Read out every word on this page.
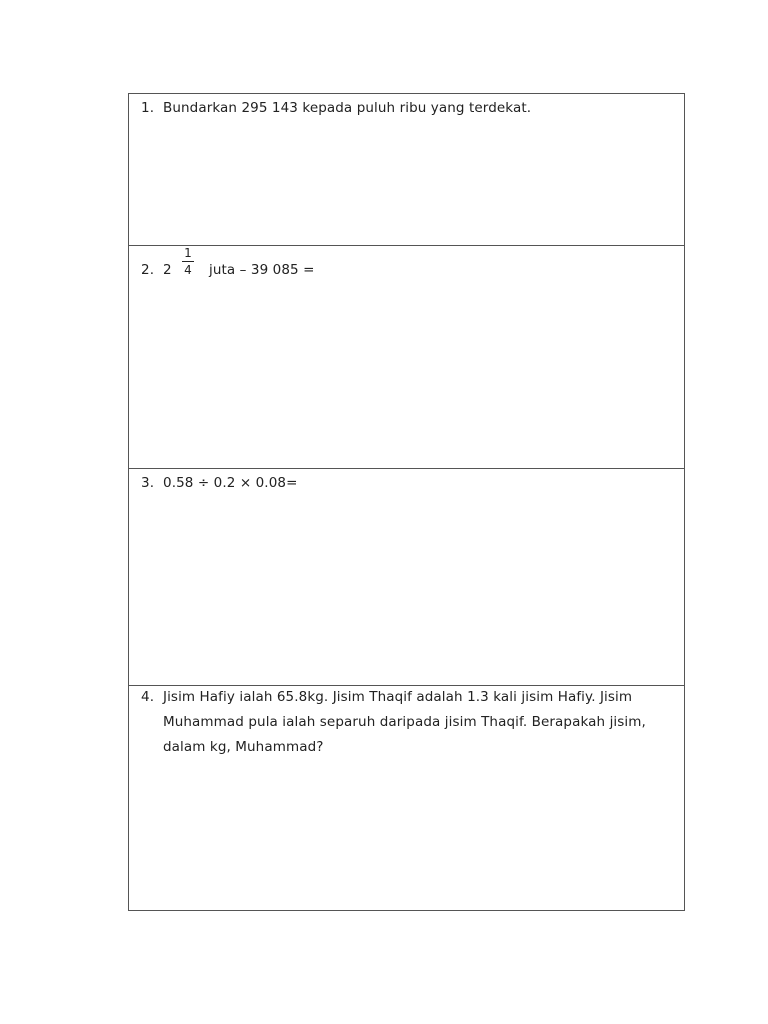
1. Bundarkan 295 143 kepada puluh ribu yang terdekat.
2. 2
1
4 juta – 39 085 =
3. 0.58 ÷ 0.2 × 0.08=
4. Jisim Hafiy ialah 65.8kg. Jisim Thaqif adalah 1.3 kali jisim Hafiy. Jisim Muhammad pula ialah separuh daripada jisim Thaqif. Berapakah jisim, dalam kg, Muhammad?
